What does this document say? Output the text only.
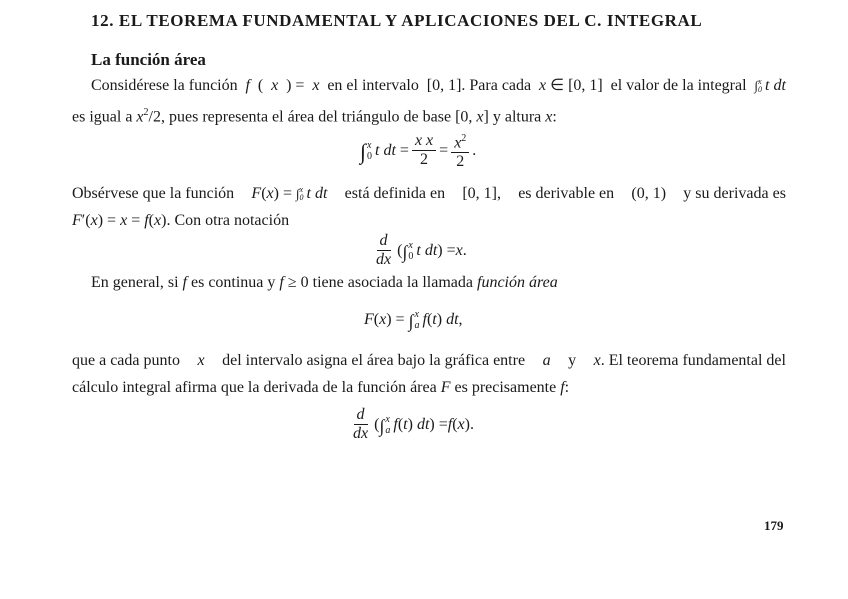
12. EL TEOREMA FUNDAMENTAL Y APLICACIONES DEL C. INTEGRAL
La función área
Considérese la función f ( x ) = x en el intervalo [0, 1]. Para cada x ∈ [0, 1] el valor de la integral ∫ x
0 t dt
es igual a $x^2/2$, pues representa el área del triángulo de base [0, x] y altura x:
∫ x
0 t dt = $\frac{\text{x x}}{2} = \frac{x^2}{2}$ .
Obsérvese que la función F(x) = ∫ x
0 t dt está definida en [0, 1], es derivable en (0, 1) y su derivada es
F′(x) = x = f(x). Con otra notación
$\frac{d}{dx}$ ( ∫ x
0 t dt ) = x .
En general, si f es continua y f ≥ 0 tiene asociada la llamada función área
F ( x ) = ∫ x
a f ( t ) dt ,
que a cada punto x del intervalo asigna el área bajo la gráfica entre a y x. El teorema fundamental del
cálculo integral afirma que la derivada de la función área F es precisamente f:
$\frac{d}{dx}$ ( ∫ x
a f ( t ) dt ) = f ( x ).
179
